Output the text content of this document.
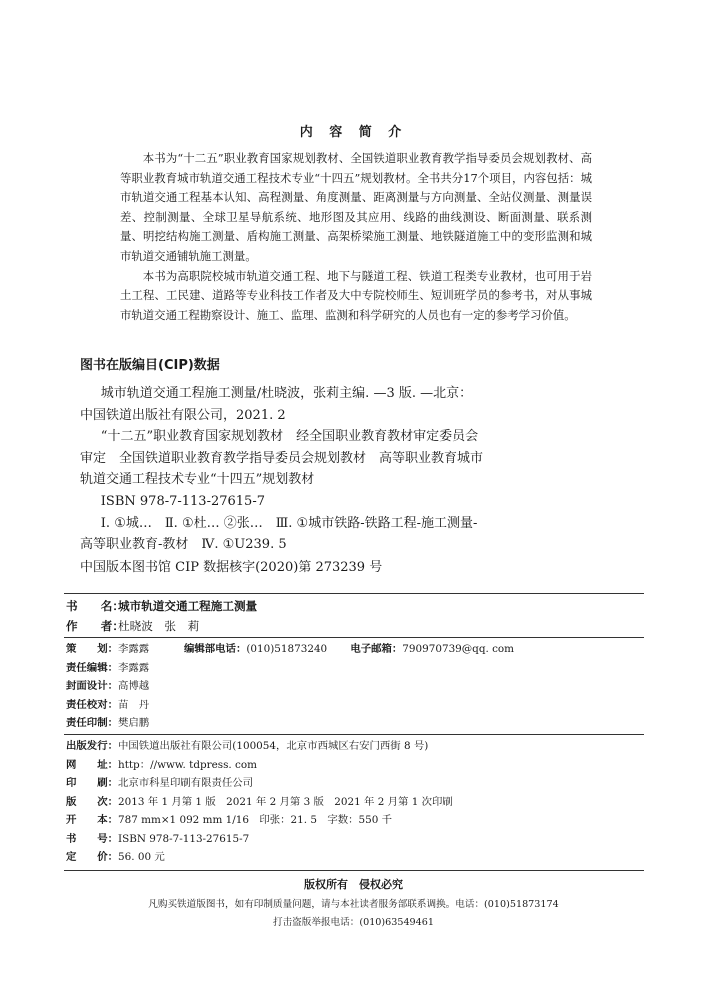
内 容 简 介

本书为“十二五”职业教育国家规划教材、全国铁道职业教育教学指导委员会规划教材、高等职业教育城市轨道交通工程技术专业“十四五”规划教材。全书共分17个项目，内容包括：城市轨道交通工程基本认知、高程测量、角度测量、距离测量与方向测量、全站仪测量、测量误差、控制测量、全球卫星导航系统、地形图及其应用、线路的曲线测设、断面测量、联系测量、明挖结构施工测量、盾构施工测量、高架桥梁施工测量、地铁隧道施工中的变形监测和城市轨道交通铺轨施工测量。

本书为高职院校城市轨道交通工程、地下与隧道工程、铁道工程类专业教材，也可用于岩土工程、工民建、道路等专业科技工作者及大中专院校师生、短训班学员的参考书，对从事城市轨道交通工程勘察设计、施工、监理、监测和科学研究的人员也有一定的参考学习价值。

图书在版编目(CIP)数据
城市轨道交通工程施工测量/杜晓波，张莉主编. —3 版. —北京：
中国铁道出版社有限公司，2021. 2
“十二五”职业教育国家规划教材　经全国职业教育教材审定委员会
审定　全国铁道职业教育教学指导委员会规划教材　高等职业教育城市
轨道交通工程技术专业“十四五”规划教材
ISBN 978-7-113-27615-7
Ⅰ. ①城…　Ⅱ. ①杜… ②张…　Ⅲ. ①城市铁路-铁路工程-施工测量-
高等职业教育-教材　Ⅳ. ①U239. 5
中国版本图书馆 CIP 数据核字(2020)第 273239 号
书　　名：城市轨道交通工程施工测量
作　　者：杜晓波　张　莉
策　　划：李露露	编辑部电话：(010)51873240 电子邮箱：790970739@qq. com
责任编辑：李露露
封面设计：高博越
责任校对：苗　丹
责任印制：樊启鹏
出版发行：中国铁道出版社有限公司(100054，北京市西城区右安门西街 8 号)
网　　址：http：//www. tdpress. com
印　　刷：北京市科星印刷有限责任公司
版　　次：2013 年 1 月第 1 版　2021 年 2 月第 3 版　2021 年 2 月第 1 次印刷
开　　本：787 mm×1 092 mm 1/16　印张：21. 5　字数：550 千
书　　号：ISBN 978-7-113-27615-7
定　　价：56. 00 元
版权所有　侵权必究
凡购买铁道版图书，如有印制质量问题，请与本社读者服务部联系调换。电话：(010)51873174
打击盗版举报电话：(010)63549461
